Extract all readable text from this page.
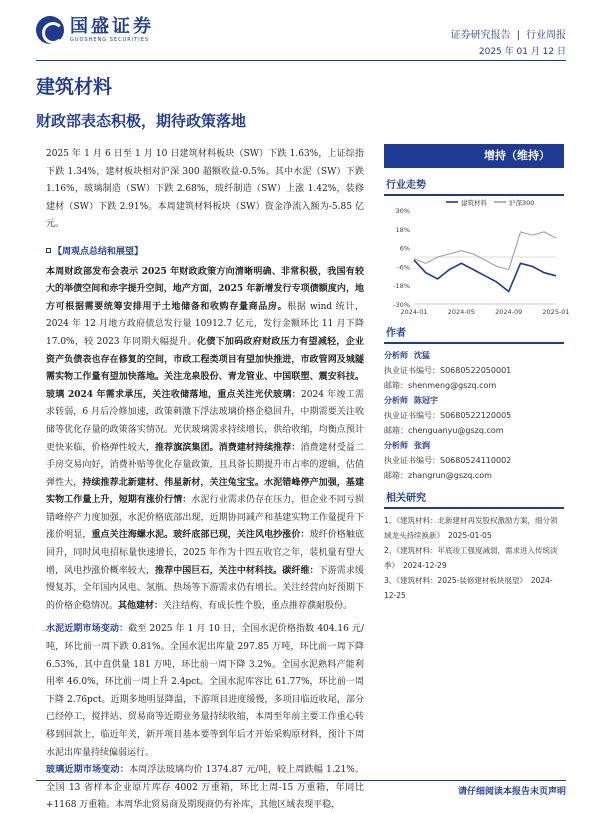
国盛证券
GUOSHENG SECURITIES	证券研究报告 | 行业周报
2025 年 01 月 12 日
建筑材料
财政部表态积极，期待政策落地

2025 年 1 月 6 日至 1 月 10 日建筑材料板块（SW）下跌 1.63%，上证综指下跌 1.34%，建材板块相对沪深 300 超额收益-0.5%。其中水泥（SW）下跌 1.16%，玻璃制造（SW）下跌 2.68%，玻纤制造（SW）上涨 1.42%，装修建材（SW）下跌 2.91%。本周建筑材料板块（SW）资金净流入额为-5.85 亿元。

【周观点总结和展望】

本周财政部发布会表示 2025 年财政政策方向清晰明确、非常积极，我国有较大的举债空间和赤字提升空间，地产方面，2025 年新增发行专项债额度内，地方可根据需要统筹安排用于土地储备和收购存量商品房。根据 wind 统计，2024 年 12 月地方政府债总发行量 10912.7 亿元，发行金额环比 11 月下降 17.0%，较 2023 年同期大幅提升。化债下加码政府财政压力有望减轻，企业资产负债表也存在修复的空间，市政工程类项目有望加快推进，市政管网及城隧需实物工作量有望加快落地。关注龙泉股份、青龙管业、中国联塑、震安科技。玻璃 2024 年需求承压，关注收储落地，重点关注光伏玻璃：2024 年竣工需求转弱，6 月后冷修加速，政策刺激下浮法玻璃价格企稳回升，中期需要关注收储等优化存量的政策落实情况。光伏玻璃需求持续增长，供给收缩，均衡点预计更快来临，价格弹性较大，推荐旗滨集团。消费建材持续推荐：消费建材受益二手房交易向好，消费补贴等优化存量政策，且具备长期提升市占率的逻辑，估值弹性大，持续推荐北新建材、伟星新材，关注兔宝宝。水泥错峰停产加强，基建实物工作量上升，短期有涨价行情：水泥行业需求仍存在压力，但企业不同亏损错峰停产力度加强，水泥价格底部出现，近期协同减产和基建实物工作量提升下涨价明显，重点关注海螺水泥。玻纤底部已现，关注风电抄涨价：玻纤价格触底回升，同时风电招标量快速增长，2025 年作为十四五收官之年，装机量有望大增，风电抄涨价概率较大，推荐中国巨石，关注中材科技。碳纤维：下游需求缓慢复苏，全年国内风电、氢瓶、热场等下游需求仍有增长。关注经营向好预期下的价格企稳情况。其他建材：关注结构、有成长性个股，重点推荐濮耐股份。

水泥近期市场变动：截至 2025 年 1 月 10 日，全国水泥价格指数 404.16 元/吨，环比前一周下跌 0.81%。全国水泥出库量 297.85 万吨，环比前一周下降 6.53%，其中直供量 181 万吨，环比前一周下降 3.2%。全国水泥熟料产能利用率 46.0%，环比前一周上升 2.4pct。全国水泥库容比 61.77%，环比前一周下降 2.76pct。近期多地明显降温，下游项目进度缓慢，多项目临近收尾，部分已经停工，搅拌站、贸易商等近期业务量持续收缩，本周至年前主要工作重心转移到回款上，临近年关，新开项目基本要等到年后才开始采购原材料，预计下周水泥出库量持续偏弱运行。

玻璃近期市场变动：本周浮法玻璃均价 1374.87 元/吨，较上周跌幅 1.21%。全国 13 省样本企业原片库存 4002 万重箱，环比上周-15 万重箱，年同比+1168 万重箱。本周华北贸易商及期现商仍有补库，其他区域表现平稳，

增持（维持）
行业走势
30%
18%
6%
-6%
-18%
-30%
2024-01	2024-05	2024-09	2025-01
建筑材料	沪深300
作者
分析师 沈猛
执业证书编号：S0680522050001
邮箱：shenmeng@gszq.com
分析师 陈冠宇
执业证书编号：S0680522120005
邮箱：chenguanyu@gszq.com
分析师 张润
执业证书编号：S0680524110002
邮箱：zhangrun@gszq.com
相关研究
1、《建筑材料：北新建材再发股权激励方案，细分领域龙头持续换新》 2025-01-05
2、《建筑材料：年底竣工强度减弱，需求进入传统淡季》 2024-12-29
3、《建筑材料：2025-装修建材板块展望》 2024-12-25
请仔细阅读本报告末页声明
